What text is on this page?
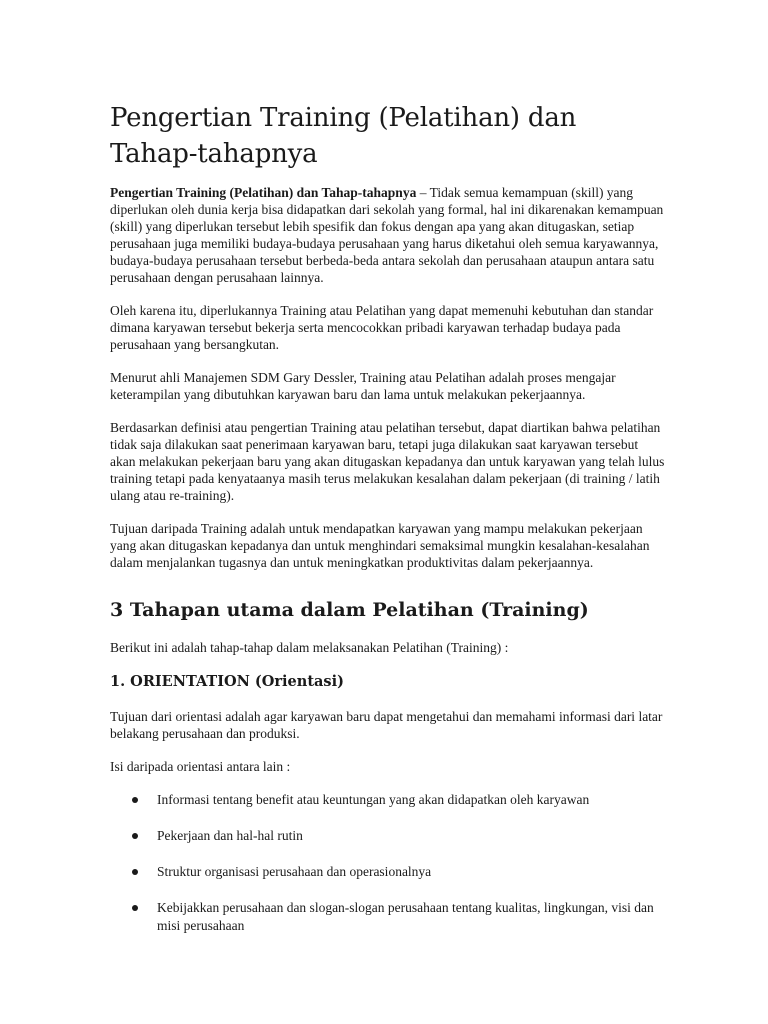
Pengertian Training (Pelatihan) dan Tahap-tahapnya

Pengertian Training (Pelatihan) dan Tahap-tahapnya – Tidak semua kemampuan (skill) yang diperlukan oleh dunia kerja bisa didapatkan dari sekolah yang formal, hal ini dikarenakan kemampuan (skill) yang diperlukan tersebut lebih spesifik dan fokus dengan apa yang akan ditugaskan, setiap perusahaan juga memiliki budaya-budaya perusahaan yang harus diketahui oleh semua karyawannya, budaya-budaya perusahaan tersebut berbeda-beda antara sekolah dan perusahaan ataupun antara satu perusahaan dengan perusahaan lainnya.

Oleh karena itu, diperlukannya Training atau Pelatihan yang dapat memenuhi kebutuhan dan standar dimana karyawan tersebut bekerja serta mencocokkan pribadi karyawan terhadap budaya pada perusahaan yang bersangkutan.

Menurut ahli Manajemen SDM Gary Dessler, Training atau Pelatihan adalah proses mengajar keterampilan yang dibutuhkan karyawan baru dan lama untuk melakukan pekerjaannya.

Berdasarkan definisi atau pengertian Training atau pelatihan tersebut, dapat diartikan bahwa pelatihan tidak saja dilakukan saat penerimaan karyawan baru, tetapi juga dilakukan saat karyawan tersebut akan melakukan pekerjaan baru yang akan ditugaskan kepadanya dan untuk karyawan yang telah lulus training tetapi pada kenyataanya masih terus melakukan kesalahan dalam pekerjaan (di training / latih ulang atau re-training).

Tujuan daripada Training adalah untuk mendapatkan karyawan yang mampu melakukan pekerjaan yang akan ditugaskan kepadanya dan untuk menghindari semaksimal mungkin kesalahan-kesalahan dalam menjalankan tugasnya dan untuk meningkatkan produktivitas dalam pekerjaannya.

3 Tahapan utama dalam Pelatihan (Training)

Berikut ini adalah tahap-tahap dalam melaksanakan Pelatihan (Training) :

1. ORIENTATION (Orientasi)

Tujuan dari orientasi adalah agar karyawan baru dapat mengetahui dan memahami informasi dari latar belakang perusahaan dan produksi.

Isi daripada orientasi antara lain :

Informasi tentang benefit atau keuntungan yang akan didapatkan oleh karyawan
Pekerjaan dan hal-hal rutin
Struktur organisasi perusahaan dan operasionalnya
Kebijakkan perusahaan dan slogan-slogan perusahaan tentang kualitas, lingkungan, visi dan misi perusahaan
